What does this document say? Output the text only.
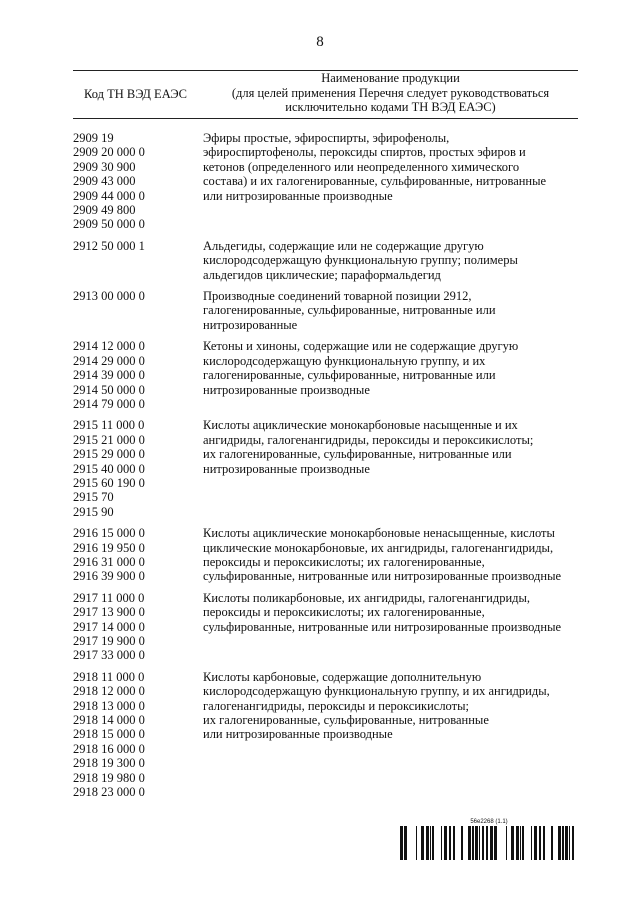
8
Код ТН ВЭД ЕАЭС
Наименование продукции
(для целей применения Перечня следует руководствоваться
исключительно кодами ТН ВЭД ЕАЭС)
2909 19
2909 20 000 0
2909 30 900
2909 43 000
2909 44 000 0
2909 49 800
2909 50 000 0
Эфиры простые, эфироспирты, эфирофенолы,
эфироспиртофенолы, пероксиды спиртов, простых эфиров и
кетонов (определенного или неопределенного химического
состава) и их галогенированные, сульфированные, нитрованные
или нитрозированные производные
2912 50 000 1	Альдегиды, содержащие или не содержащие другую
кислородсодержащую функциональную группу; полимеры
альдегидов циклические; параформальдегид
2913 00 000 0	Производные соединений товарной позиции 2912,
галогенированные, сульфированные, нитрованные или
нитрозированные
2914 12 000 0
2914 29 000 0
2914 39 000 0
2914 50 000 0
2914 79 000 0
Кетоны и хиноны, содержащие или не содержащие другую
кислородсодержащую функциональную группу, и их
галогенированные, сульфированные, нитрованные или
нитрозированные производные
2915 11 000 0
2915 21 000 0
2915 29 000 0
2915 40 000 0
2915 60 190 0
2915 70
2915 90
Кислоты ациклические монокарбоновые насыщенные и их
ангидриды, галогенангидриды, пероксиды и пероксикислоты;
их галогенированные, сульфированные, нитрованные или
нитрозированные производные
2916 15 000 0
2916 19 950 0
2916 31 000 0
2916 39 900 0
Кислоты ациклические монокарбоновые ненасыщенные, кислоты
циклические монокарбоновые, их ангидриды, галогенангидриды,
пероксиды и пероксикислоты; их галогенированные,
сульфированные, нитрованные или нитрозированные производные
2917 11 000 0
2917 13 900 0
2917 14 000 0
2917 19 900 0
2917 33 000 0
Кислоты поликарбоновые, их ангидриды, галогенангидриды,
пероксиды и пероксикислоты; их галогенированные,
сульфированные, нитрованные или нитрозированные производные
2918 11 000 0
2918 12 000 0
2918 13 000 0
2918 14 000 0
2918 15 000 0
2918 16 000 0
2918 19 300 0
2918 19 980 0
2918 23 000 0
Кислоты карбоновые, содержащие дополнительную
кислородсодержащую функциональную группу, и их ангидриды,
галогенангидриды, пероксиды и пероксикислоты;
их галогенированные, сульфированные, нитрованные
или нитрозированные производные
56e2268 (1.1)
